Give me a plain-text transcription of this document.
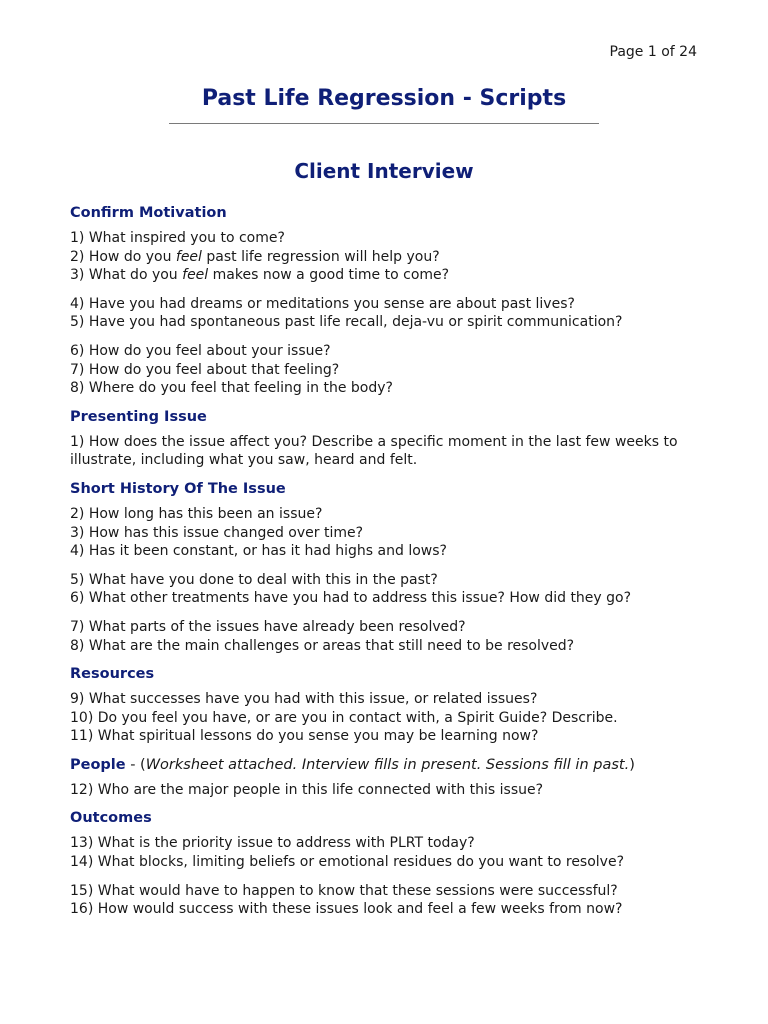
Page 1 of 24
Past Life Regression - Scripts
Client Interview
Confirm Motivation
1) What inspired you to come?
2) How do you feel past life regression will help you?
3) What do you feel makes now a good time to come?
4) Have you had dreams or meditations you sense are about past lives?
5) Have you had spontaneous past life recall, deja-vu or spirit communication?
6) How do you feel about your issue?
7) How do you feel about that feeling?
8) Where do you feel that feeling in the body?
Presenting Issue
1) How does the issue affect you? Describe a specific moment in the last few weeks to illustrate, including what you saw, heard and felt.
Short History Of The Issue
2) How long has this been an issue?
3) How has this issue changed over time?
4) Has it been constant, or has it had highs and lows?
5) What have you done to deal with this in the past?
6) What other treatments have you had to address this issue? How did they go?
7) What parts of the issues have already been resolved?
8) What are the main challenges or areas that still need to be resolved?
Resources
9) What successes have you had with this issue, or related issues?
10) Do you feel you have, or are you in contact with, a Spirit Guide? Describe.
11) What spiritual lessons do you sense you may be learning now?
People - (Worksheet attached. Interview fills in present. Sessions fill in past.)
12) Who are the major people in this life connected with this issue?
Outcomes
13) What is the priority issue to address with PLRT today?
14) What blocks, limiting beliefs or emotional residues do you want to resolve?
15) What would have to happen to know that these sessions were successful?
16) How would success with these issues look and feel a few weeks from now?
